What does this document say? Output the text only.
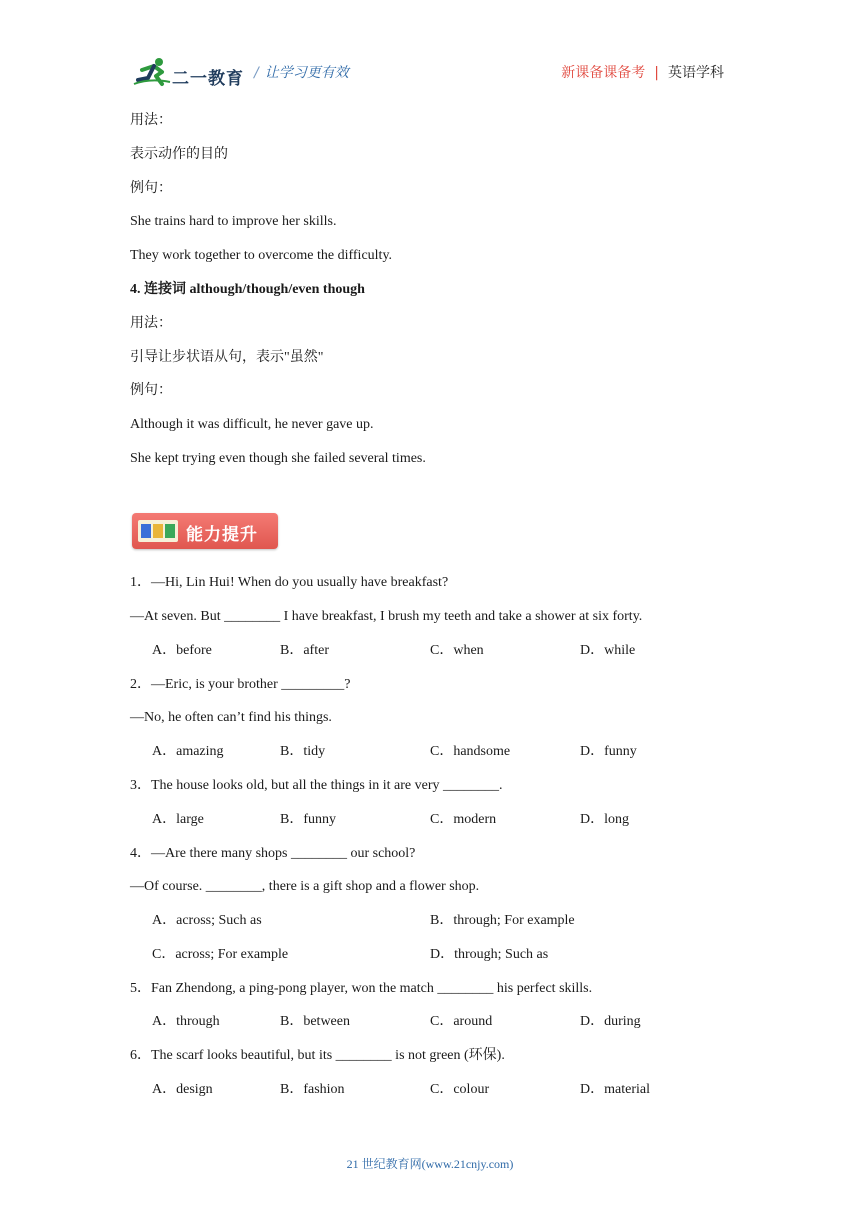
二一教育 / 让学习更有效	新课备课备考 | 英语学科
用法：
表示动作的目的
例句：
She trains hard to improve her skills.
They work together to overcome the difficulty.
4. 连接词 although/though/even though
用法：
引导让步状语从句，表示"虽然"
例句：
Although it was difficult, he never gave up.
She kept trying even though she failed several times.
能力提升
1．—Hi, Lin Hui! When do you usually have breakfast?
—At seven. But ________ I have breakfast, I brush my teeth and take a shower at six forty.
A．before	B．after	C．when	D．while
2．—Eric, is your brother _________?
—No, he often can’t find his things.
A．amazing	B．tidy	C．handsome	D．funny
3．The house looks old, but all the things in it are very ________.
A．large	B．funny	C．modern	D．long
4．—Are there many shops ________ our school?
—Of course. ________, there is a gift shop and a flower shop.
A．across; Such as	B．through; For example
C．across; For example	D．through; Such as
5．Fan Zhendong, a ping-pong player, won the match ________ his perfect skills.
A．through	B．between	C．around	D．during
6．The scarf looks beautiful, but its ________ is not green (环保).
A．design	B．fashion	C．colour	D．material
21 世纪教育网(www.21cnjy.com)
